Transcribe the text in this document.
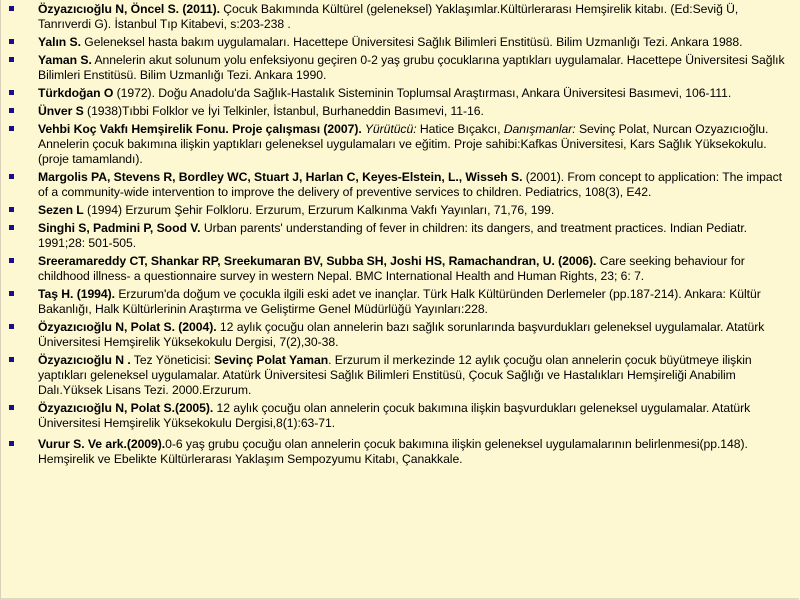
Özyazıcıoğlu N, Öncel S. (2011). Çocuk Bakımında Kültürel (geleneksel) Yaklaşımlar.Kültürlerarası Hemşirelik kitabı. (Ed:Seviğ Ü, Tanrıverdi G). İstanbul Tıp Kitabevi, s:203-238 .
Yalın S. Geleneksel hasta bakım uygulamaları. Hacettepe Üniversitesi Sağlık Bilimleri Enstitüsü. Bilim Uzmanlığı Tezi. Ankara 1988.
Yaman S. Annelerin akut solunum yolu enfeksiyonu geçiren 0-2 yaş grubu çocuklarına yaptıkları uygulamalar. Hacettepe Üniversitesi Sağlık Bilimleri Enstitüsü. Bilim Uzmanlığı Tezi. Ankara 1990.
Türkdoğan O (1972). Doğu Anadolu'da Sağlık-Hastalık Sisteminin Toplumsal Araştırması, Ankara Üniversitesi Basımevi, 106-111.
Ünver S (1938)Tıbbi Folklor ve İyi Telkinler, İstanbul, Burhaneddin Basımevi, 11-16.
Vehbi Koç Vakfı Hemşirelik Fonu. Proje çalışması (2007). Yürütücü: Hatice Bıçakcı, Danışmanlar: Sevinç Polat, Nurcan Ozyazıcıoğlu. Annelerin çocuk bakımına ilişkin yaptıkları geleneksel uygulamaları ve eğitim. Proje sahibi:Kafkas Üniversitesi, Kars Sağlık Yüksekokulu. (proje tamamlandı).
Margolis PA, Stevens R, Bordley WC, Stuart J, Harlan C, Keyes-Elstein, L., Wisseh S. (2001). From concept to application: The impact of a community-wide intervention to improve the delivery of preventive services to children. Pediatrics, 108(3), E42.
Sezen L (1994) Erzurum Şehir Folkloru. Erzurum, Erzurum Kalkınma Vakfı Yayınları, 71,76, 199.
Singhi S, Padmini P, Sood V. Urban parents' understanding of fever in children: its dangers, and treatment practices. Indian Pediatr. 1991;28: 501-505.
Sreeramareddy CT, Shankar RP, Sreekumaran BV, Subba SH, Joshi HS, Ramachandran, U. (2006). Care seeking behaviour for childhood illness- a questionnaire survey in western Nepal. BMC International Health and Human Rights, 23; 6: 7.
Taş H. (1994). Erzurum'da doğum ve çocukla ilgili eski adet ve inançlar. Türk Halk Kültüründen Derlemeler (pp.187-214). Ankara: Kültür Bakanlığı, Halk Kültürlerinin Araştırma ve Geliştirme Genel Müdürlüğü Yayınları:228.
Özyazıcıoğlu N, Polat S. (2004). 12 aylık çocuğu olan annelerin bazı sağlık sorunlarında başvurdukları geleneksel uygulamalar. Atatürk Üniversitesi Hemşirelik Yüksekokulu Dergisi, 7(2),30-38.
Özyazıcıoğlu N . Tez Yöneticisi: Sevinç Polat Yaman. Erzurum il merkezinde 12 aylık çocuğu olan annelerin çocuk büyütmeye ilişkin yaptıkları geleneksel uygulamalar. Atatürk Üniversitesi Sağlık Bilimleri Enstitüsü, Çocuk Sağlığı ve Hastalıkları Hemşireliği Anabilim Dalı.Yüksek Lisans Tezi. 2000.Erzurum.
Özyazıcıoğlu N, Polat S.(2005). 12 aylık çocuğu olan annelerin çocuk bakımına ilişkin başvurdukları geleneksel uygulamalar. Atatürk Üniversitesi Hemşirelik Yüksekokulu Dergisi,8(1):63-71.
Vurur S. Ve ark.(2009).0-6 yaş grubu çocuğu olan annelerin çocuk bakımına ilişkin geleneksel uygulamalarının belirlenmesi(pp.148). Hemşirelik ve Ebelikte Kültürlerarası Yaklaşım Sempozyumu Kitabı, Çanakkale.
